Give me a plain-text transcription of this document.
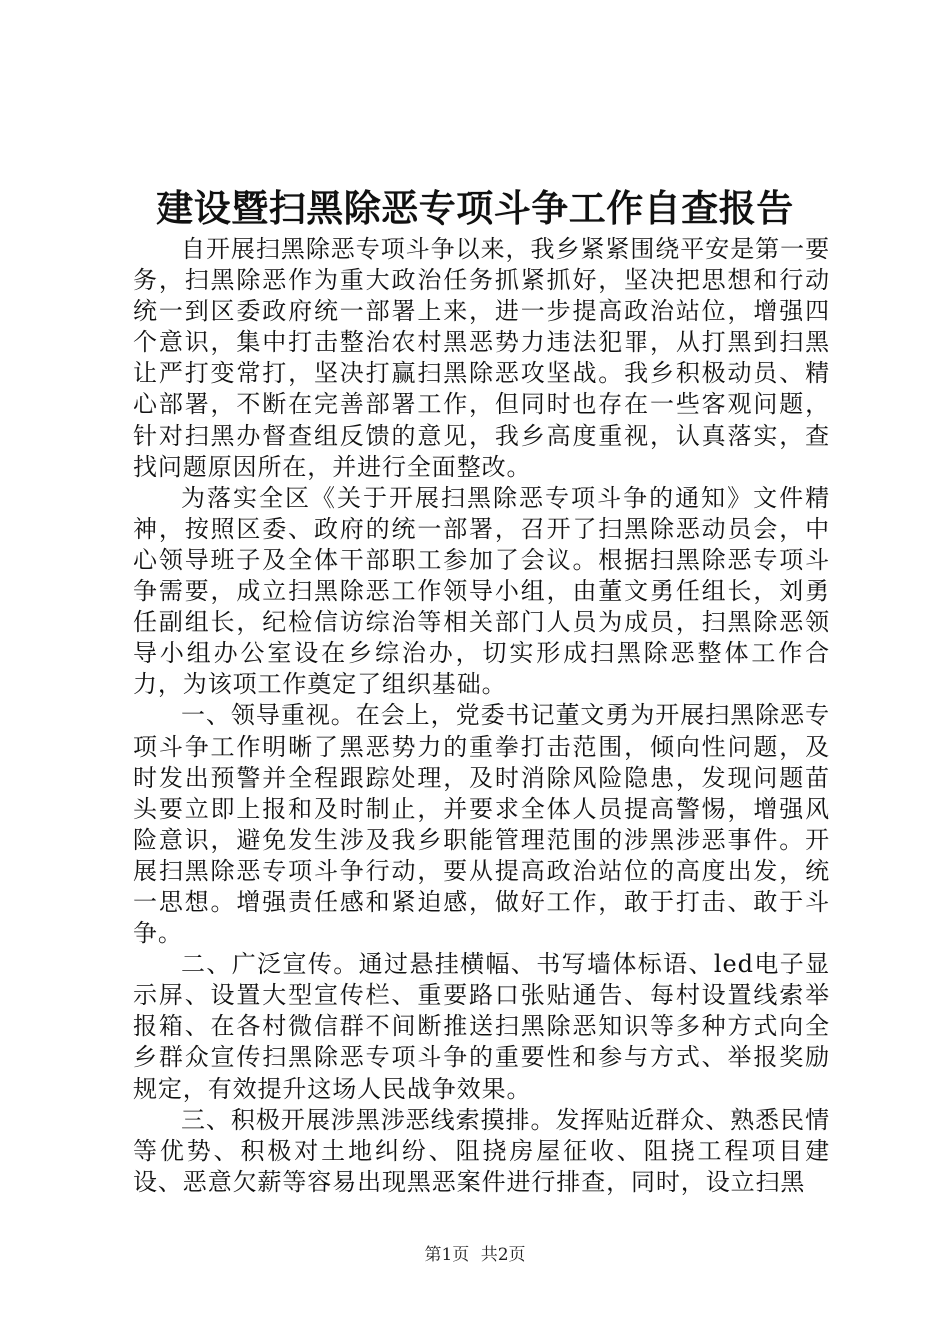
建设暨扫黑除恶专项斗争工作自查报告

自开展扫黑除恶专项斗争以来，我乡紧紧围绕平安是第一要务，扫黑除恶作为重大政治任务抓紧抓好，坚决把思想和行动统一到区委政府统一部署上来，进一步提高政治站位，增强四个意识，集中打击整治农村黑恶势力违法犯罪，从打黑到扫黑让严打变常打，坚决打赢扫黑除恶攻坚战。我乡积极动员、精心部署，不断在完善部署工作，但同时也存在一些客观问题，针对扫黑办督查组反馈的意见，我乡高度重视，认真落实，查找问题原因所在，并进行全面整改。

为落实全区《关于开展扫黑除恶专项斗争的通知》文件精神，按照区委、政府的统一部署，召开了扫黑除恶动员会，中心领导班子及全体干部职工参加了会议。根据扫黑除恶专项斗争需要，成立扫黑除恶工作领导小组，由董文勇任组长，刘勇任副组长，纪检信访综治等相关部门人员为成员，扫黑除恶领导小组办公室设在乡综治办，切实形成扫黑除恶整体工作合力，为该项工作奠定了组织基础。

一、领导重视。在会上，党委书记董文勇为开展扫黑除恶专项斗争工作明晰了黑恶势力的重拳打击范围，倾向性问题，及时发出预警并全程跟踪处理，及时消除风险隐患，发现问题苗头要立即上报和及时制止，并要求全体人员提高警惕，增强风险意识，避免发生涉及我乡职能管理范围的涉黑涉恶事件。开展扫黑除恶专项斗争行动，要从提高政治站位的高度出发，统一思想。增强责任感和紧迫感，做好工作，敢于打击、敢于斗争。

二、广泛宣传。通过悬挂横幅、书写墙体标语、led电子显示屏、设置大型宣传栏、重要路口张贴通告、每村设置线索举报箱、在各村微信群不间断推送扫黑除恶知识等多种方式向全乡群众宣传扫黑除恶专项斗争的重要性和参与方式、举报奖励规定，有效提升这场人民战争效果。

三、积极开展涉黑涉恶线索摸排。发挥贴近群众、熟悉民情等优势、积极对土地纠纷、阻挠房屋征收、阻挠工程项目建设、恶意欠薪等容易出现黑恶案件进行排查，同时，设立扫黑

第1页 共2页
